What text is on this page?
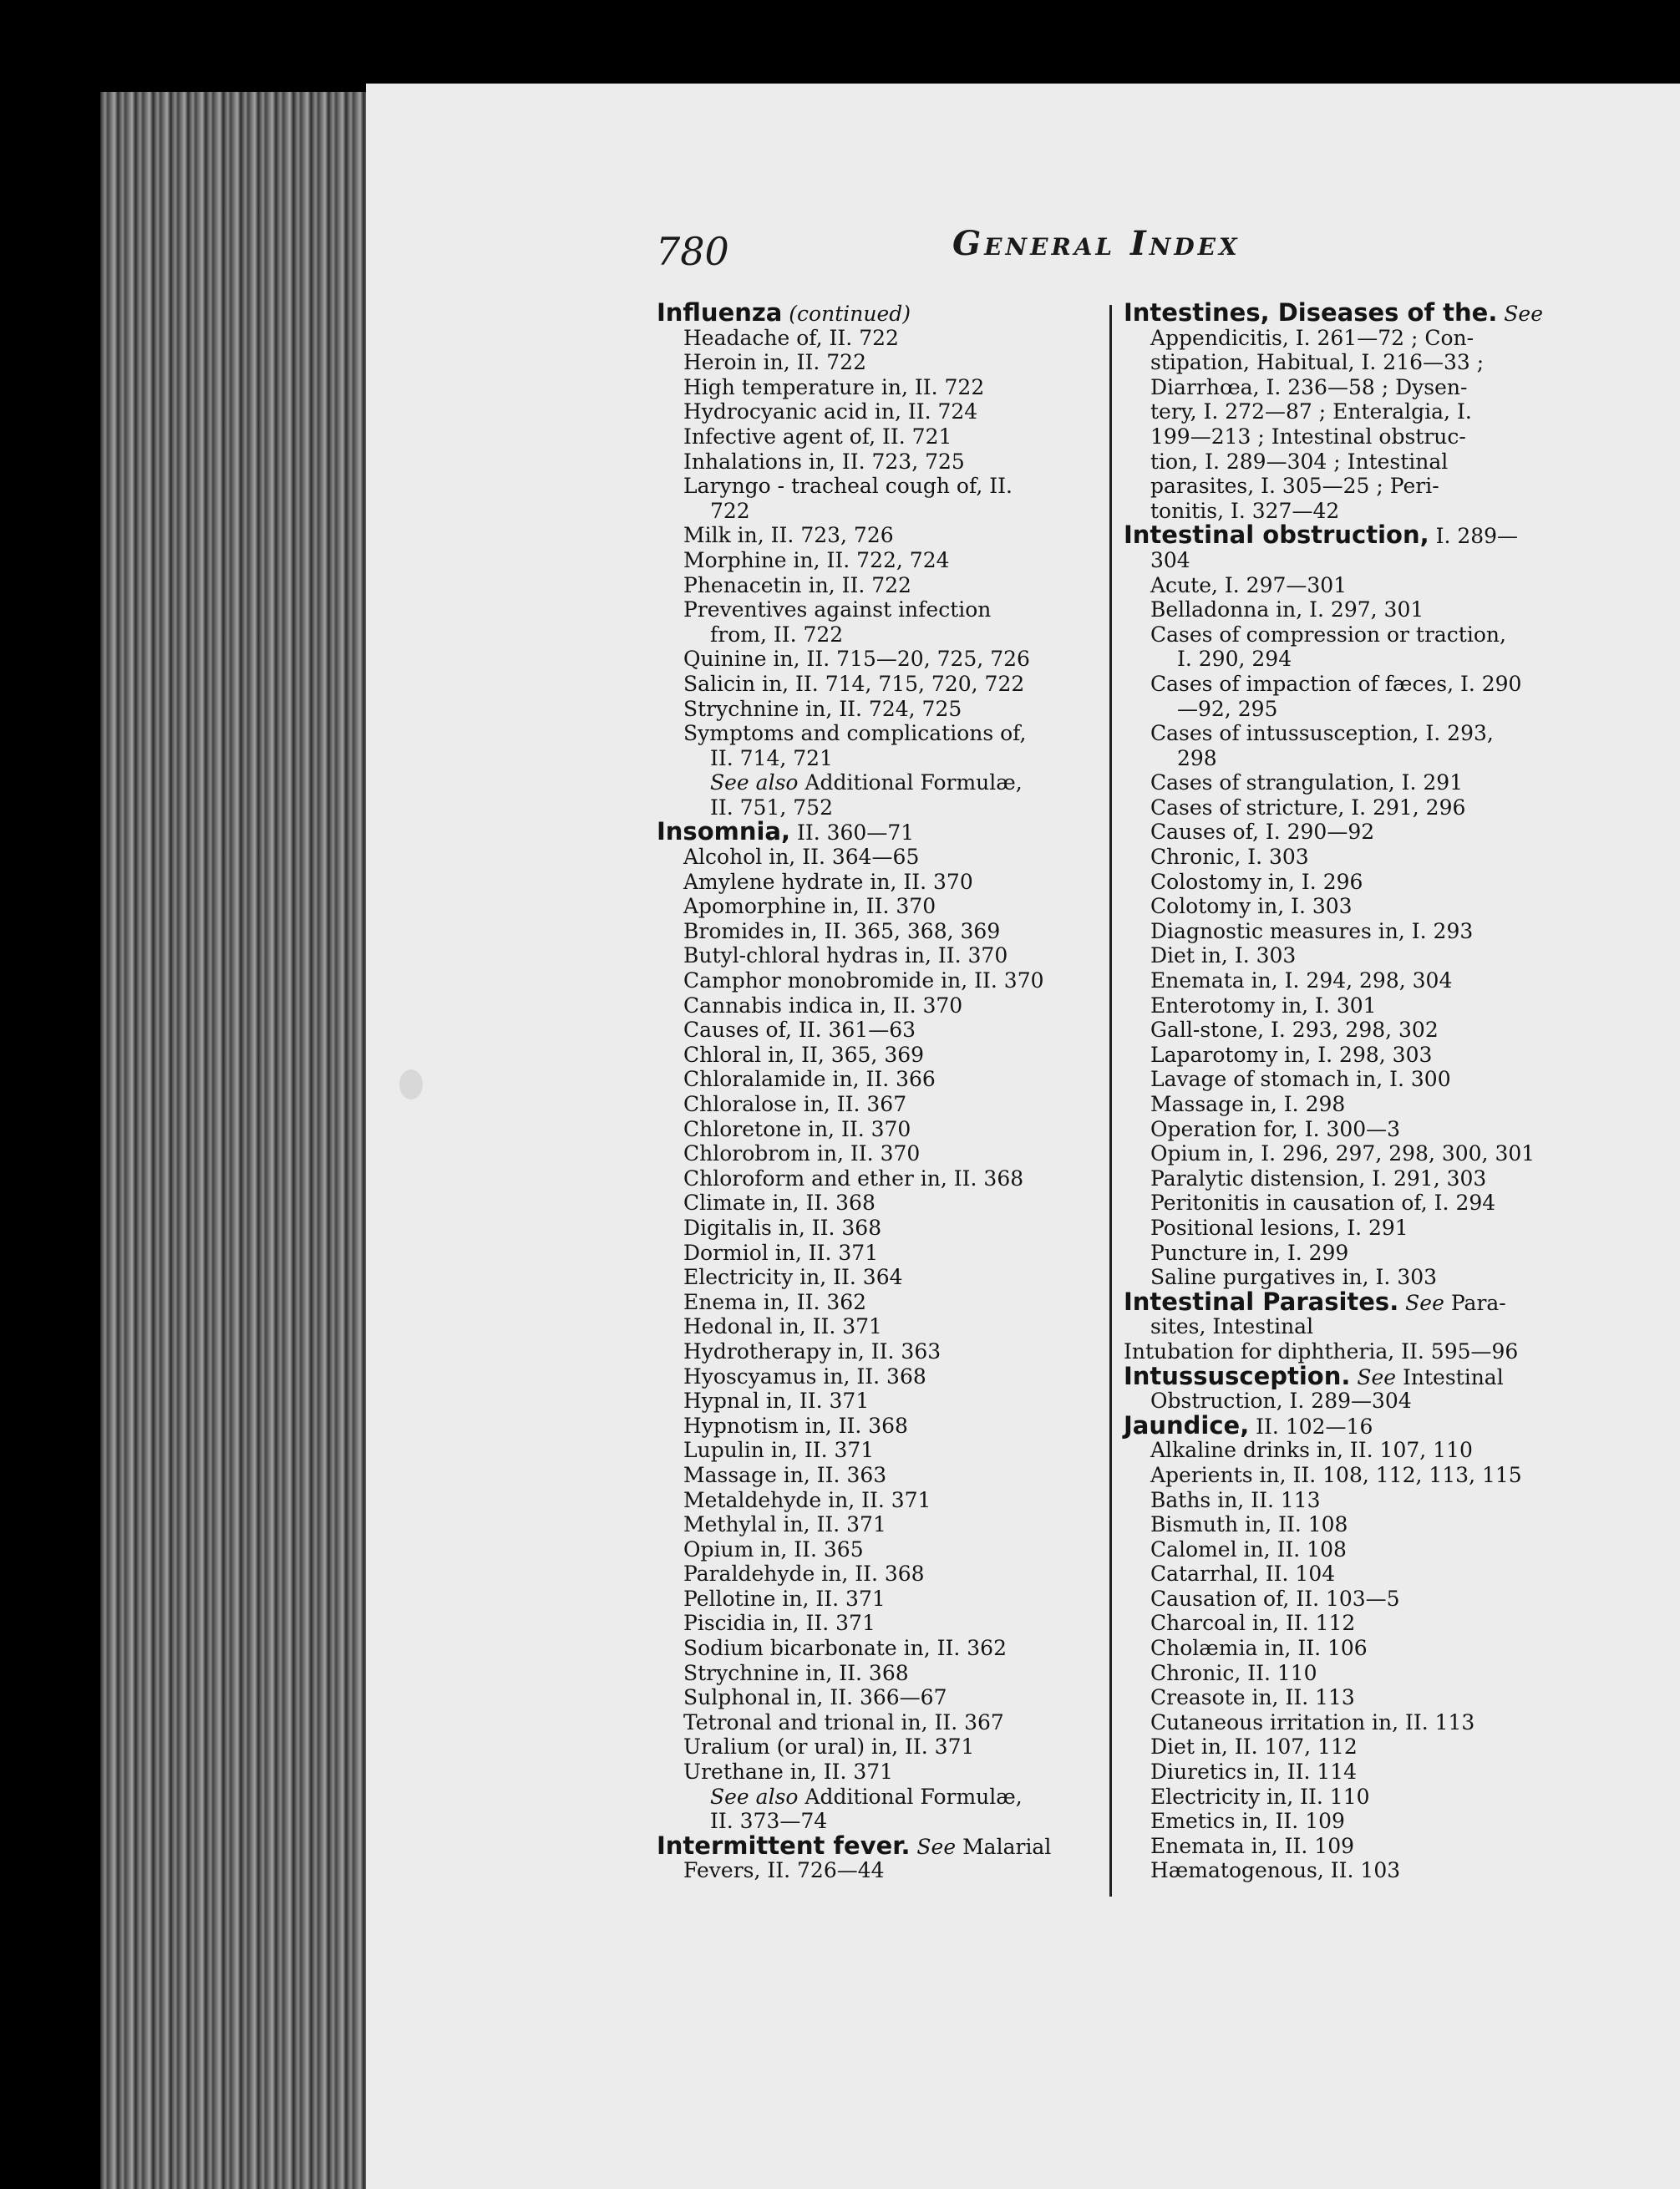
780	General Index
Influenza (continued)
Headache of, II. 722
Heroin in, II. 722
High temperature in, II. 722
Hydrocyanic acid in, II. 724
Infective agent of, II. 721
Inhalations in, II. 723, 725
Laryngo - tracheal cough of, II.
722
Milk in, II. 723, 726
Morphine in, II. 722, 724
Phenacetin in, II. 722
Preventives against infection
from, II. 722
Quinine in, II. 715—20, 725, 726
Salicin in, II. 714, 715, 720, 722
Strychnine in, II. 724, 725
Symptoms and complications of,
II. 714, 721
See also Additional Formulæ,
II. 751, 752
Insomnia, II. 360—71
Alcohol in, II. 364—65
Amylene hydrate in, II. 370
Apomorphine in, II. 370
Bromides in, II. 365, 368, 369
Butyl-chloral hydras in, II. 370
Camphor monobromide in, II. 370
Cannabis indica in, II. 370
Causes of, II. 361—63
Chloral in, II, 365, 369
Chloralamide in, II. 366
Chloralose in, II. 367
Chloretone in, II. 370
Chlorobrom in, II. 370
Chloroform and ether in, II. 368
Climate in, II. 368
Digitalis in, II. 368
Dormiol in, II. 371
Electricity in, II. 364
Enema in, II. 362
Hedonal in, II. 371
Hydrotherapy in, II. 363
Hyoscyamus in, II. 368
Hypnal in, II. 371
Hypnotism in, II. 368
Lupulin in, II. 371
Massage in, II. 363
Metaldehyde in, II. 371
Methylal in, II. 371
Opium in, II. 365
Paraldehyde in, II. 368
Pellotine in, II. 371
Piscidia in, II. 371
Sodium bicarbonate in, II. 362
Strychnine in, II. 368
Sulphonal in, II. 366—67
Tetronal and trional in, II. 367
Uralium (or ural) in, II. 371
Urethane in, II. 371
See also Additional Formulæ,
II. 373—74
Intermittent fever. See Malarial
Fevers, II. 726—44
Intestines, Diseases of the. See
Appendicitis, I. 261—72 ; Con-
stipation, Habitual, I. 216—33 ;
Diarrhœa, I. 236—58 ; Dysen-
tery, I. 272—87 ; Enteralgia, I.
199—213 ; Intestinal obstruc-
tion, I. 289—304 ; Intestinal
parasites, I. 305—25 ; Peri-
tonitis, I. 327—42
Intestinal obstruction, I. 289—
304
Acute, I. 297—301
Belladonna in, I. 297, 301
Cases of compression or traction,
I. 290, 294
Cases of impaction of fæces, I. 290
—92, 295
Cases of intussusception, I. 293,
298
Cases of strangulation, I. 291
Cases of stricture, I. 291, 296
Causes of, I. 290—92
Chronic, I. 303
Colostomy in, I. 296
Colotomy in, I. 303
Diagnostic measures in, I. 293
Diet in, I. 303
Enemata in, I. 294, 298, 304
Enterotomy in, I. 301
Gall-stone, I. 293, 298, 302
Laparotomy in, I. 298, 303
Lavage of stomach in, I. 300
Massage in, I. 298
Operation for, I. 300—3
Opium in, I. 296, 297, 298, 300, 301
Paralytic distension, I. 291, 303
Peritonitis in causation of, I. 294
Positional lesions, I. 291
Puncture in, I. 299
Saline purgatives in, I. 303
Intestinal Parasites. See Para-
sites, Intestinal
Intubation for diphtheria, II. 595—96
Intussusception. See Intestinal
Obstruction, I. 289—304
Jaundice, II. 102—16
Alkaline drinks in, II. 107, 110
Aperients in, II. 108, 112, 113, 115
Baths in, II. 113
Bismuth in, II. 108
Calomel in, II. 108
Catarrhal, II. 104
Causation of, II. 103—5
Charcoal in, II. 112
Cholæmia in, II. 106
Chronic, II. 110
Creasote in, II. 113
Cutaneous irritation in, II. 113
Diet in, II. 107, 112
Diuretics in, II. 114
Electricity in, II. 110
Emetics in, II. 109
Enemata in, II. 109
Hæmatogenous, II. 103
